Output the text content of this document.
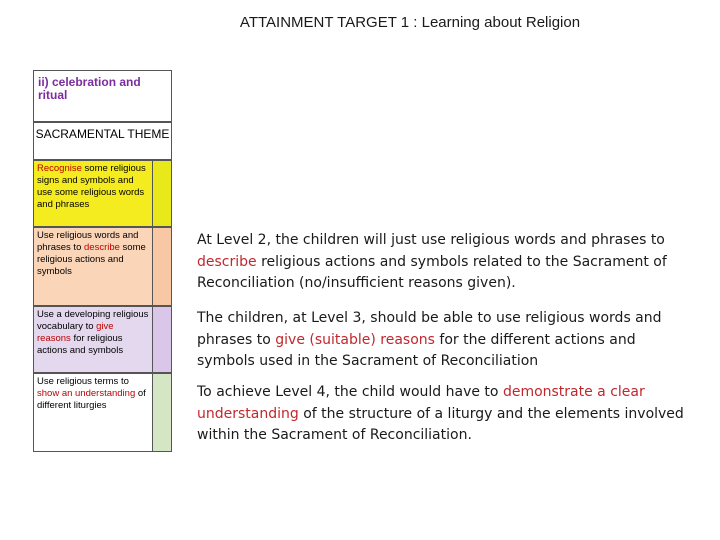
ATTAINMENT TARGET 1 : Learning about Religion
ii) celebration and ritual
SACRAMENTAL THEME
Recognise some religious signs and symbols and use some religious words and phrases
Use religious words and phrases to describe some religious actions and symbols
Use a developing religious vocabulary to give reasons for religious actions and symbols
Use religious terms to show an understanding of different liturgies
At Level 2, the children will just use religious words and phrases to describe religious actions and symbols related to the Sacrament of Reconciliation (no/insufficient reasons given).
The children, at Level 3, should be able to use religious words and phrases to give (suitable) reasons for the different actions and symbols used in the Sacrament of Reconciliation
To achieve Level 4, the child would have to demonstrate a clear understanding of the structure of a liturgy and the elements involved within the Sacrament of Reconciliation.
